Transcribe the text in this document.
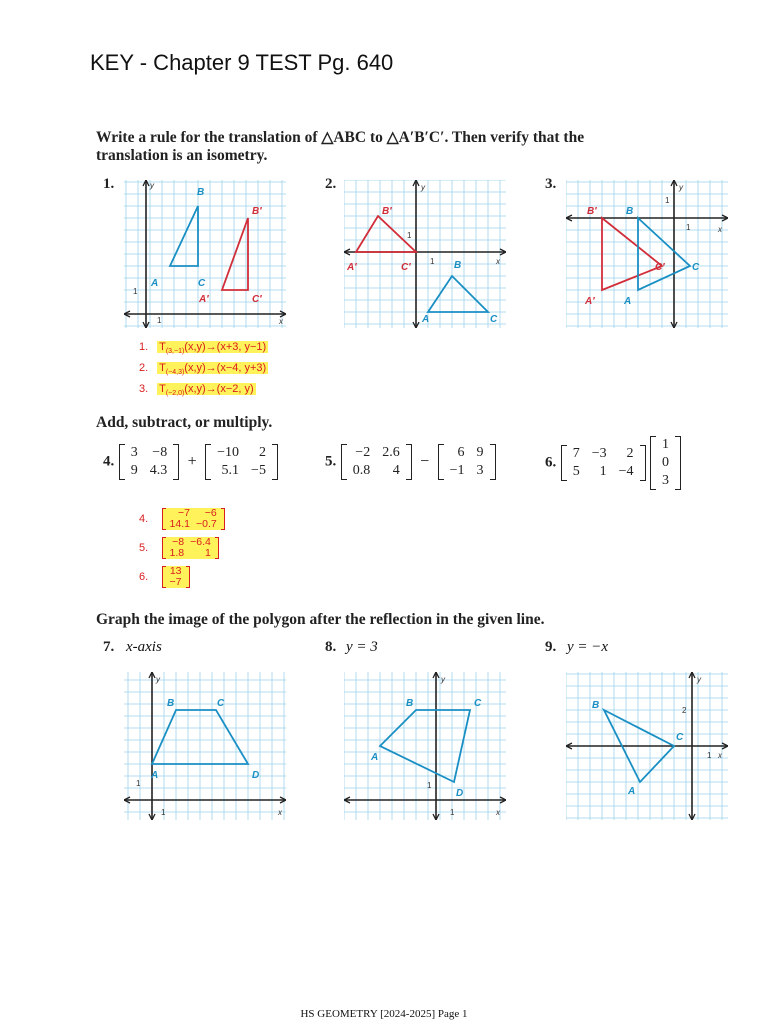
KEY - Chapter 9 TEST Pg. 640
Write a rule for the translation of △ABC to △A′B′C′. Then verify that the
translation is an isometry.
1.	2.	3.
y
x
1
1
B
A	C
B′
A′	C′
y
x
1
1
B′
A′	C′	B
A	C
y
x
1
1
B′	B
A′	A
C′	C
1. $T_{(3,-1)}(x,y)\to(x+3$, y−1)
2. $T_{(-4,3)}(x,y)\to(x-4$, y+3)
3. $T_{(-2,0)}(x,y)\to(x-2$, y)
Add, subtract, or multiply.
4.
3	−8
9	4.3
+
−10	2
5.1	−5
5.
−2	2.6
0.8	4
−
6	9
−1	3	6.
7	−3	2
5	1	−4

1
0
3
4.	−7	−6
14.1	−0.7
5. −8	−6.4
1.8	1
6. 13
−7
Graph the image of the polygon after the reflection in the given line.
7. x-axis	8. y = 3	9. y = −x
y
x
1
1
B	C
A	D
y
x
1
1
B	C
A
D
y
x
2
1
B
C
A
HS GEOMETRY [2024-2025] Page 1
